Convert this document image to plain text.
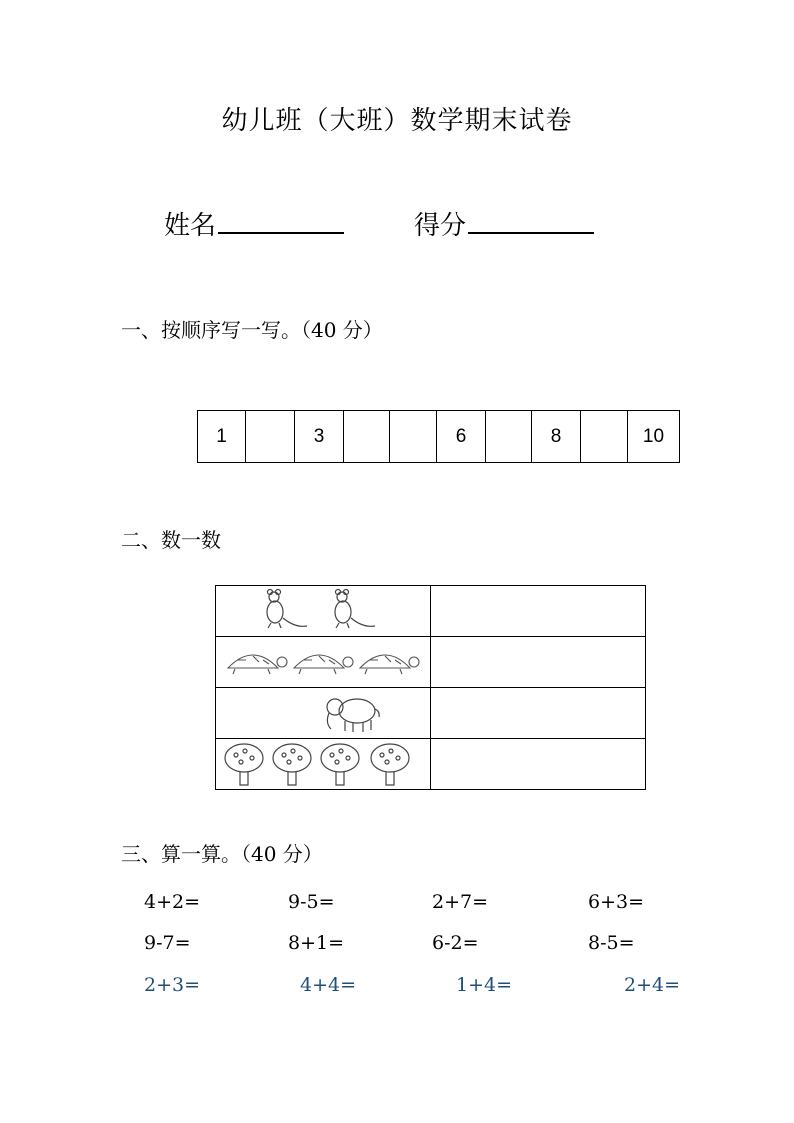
幼儿班（大班）数学期末试卷
姓名	得分
一、按顺序写一写。（40 分）
1		3			6		8		10
二、数一数

三、算一算。（40 分）
4+2=	9-5=	2+7=	6+3=
9-7=	8+1=	6-2=	8-5=
2+3=	4+4=	1+4=	2+4=
